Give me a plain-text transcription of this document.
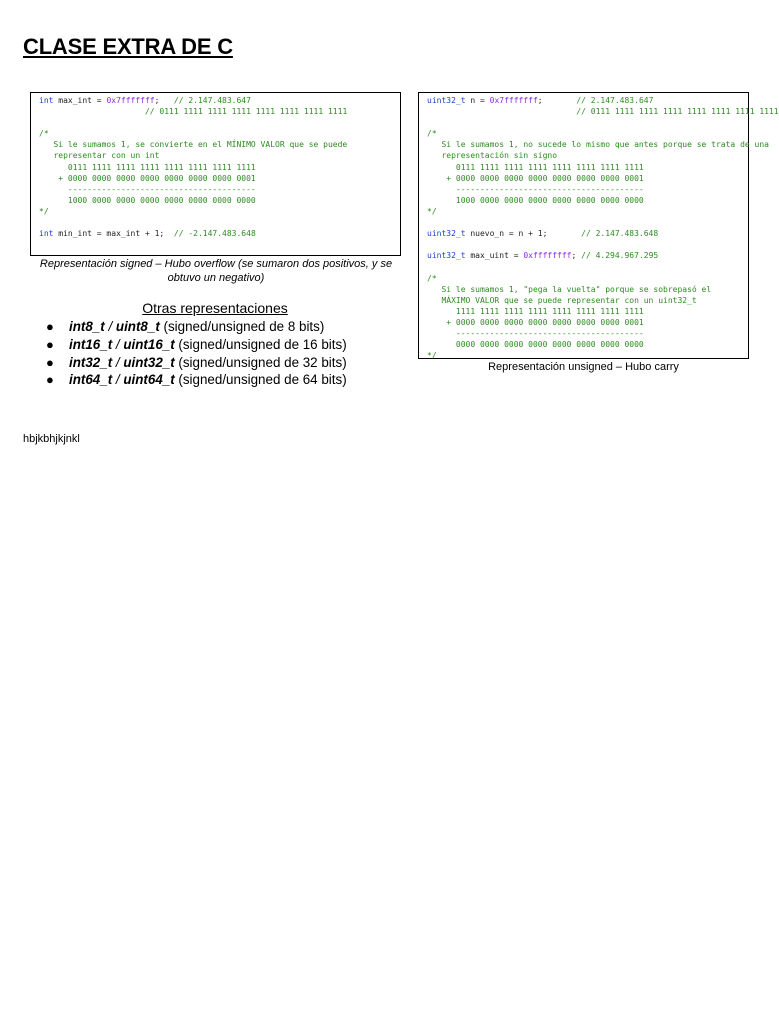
CLASE EXTRA DE C
int max_int = 0x7fffffff;   // 2.147.483.647
// 0111 1111 1111 1111 1111 1111 1111 1111
/*
Si le sumamos 1, se convierte en el MÍNIMO VALOR que se puede
representar con un int
0111 1111 1111 1111 1111 1111 1111 1111
+ 0000 0000 0000 0000 0000 0000 0000 0001
---------------------------------------
1000 0000 0000 0000 0000 0000 0000 0000
*/
int min_int = max_int + 1;  // -2.147.483.648
Representación signed – Hubo overflow (se sumaron dos positivos, y se obtuvo un negativo)
uint32_t n = 0x7fffffff;       // 2.147.483.647
// 0111 1111 1111 1111 1111 1111 1111 1111
/*
Si le sumamos 1, no sucede lo mismo que antes porque se trata de una
representación sin signo
0111 1111 1111 1111 1111 1111 1111 1111
+ 0000 0000 0000 0000 0000 0000 0000 0001
---------------------------------------
1000 0000 0000 0000 0000 0000 0000 0000
*/
uint32_t nuevo_n = n + 1;       // 2.147.483.648
uint32_t max_uint = 0xffffffff; // 4.294.967.295
/*
Si le sumamos 1, "pega la vuelta" porque se sobrepasó el
MÁXIMO VALOR que se puede representar con un uint32_t
1111 1111 1111 1111 1111 1111 1111 1111
+ 0000 0000 0000 0000 0000 0000 0000 0001
---------------------------------------
0000 0000 0000 0000 0000 0000 0000 0000
*/
Representación unsigned – Hubo carry
Otras representaciones
● int8_t / uint8_t (signed/unsigned de 8 bits)
● int16_t / uint16_t (signed/unsigned de 16 bits)
● int32_t / uint32_t (signed/unsigned de 32 bits)
● int64_t / uint64_t (signed/unsigned de 64 bits)
hbjkbhjkjnkl
